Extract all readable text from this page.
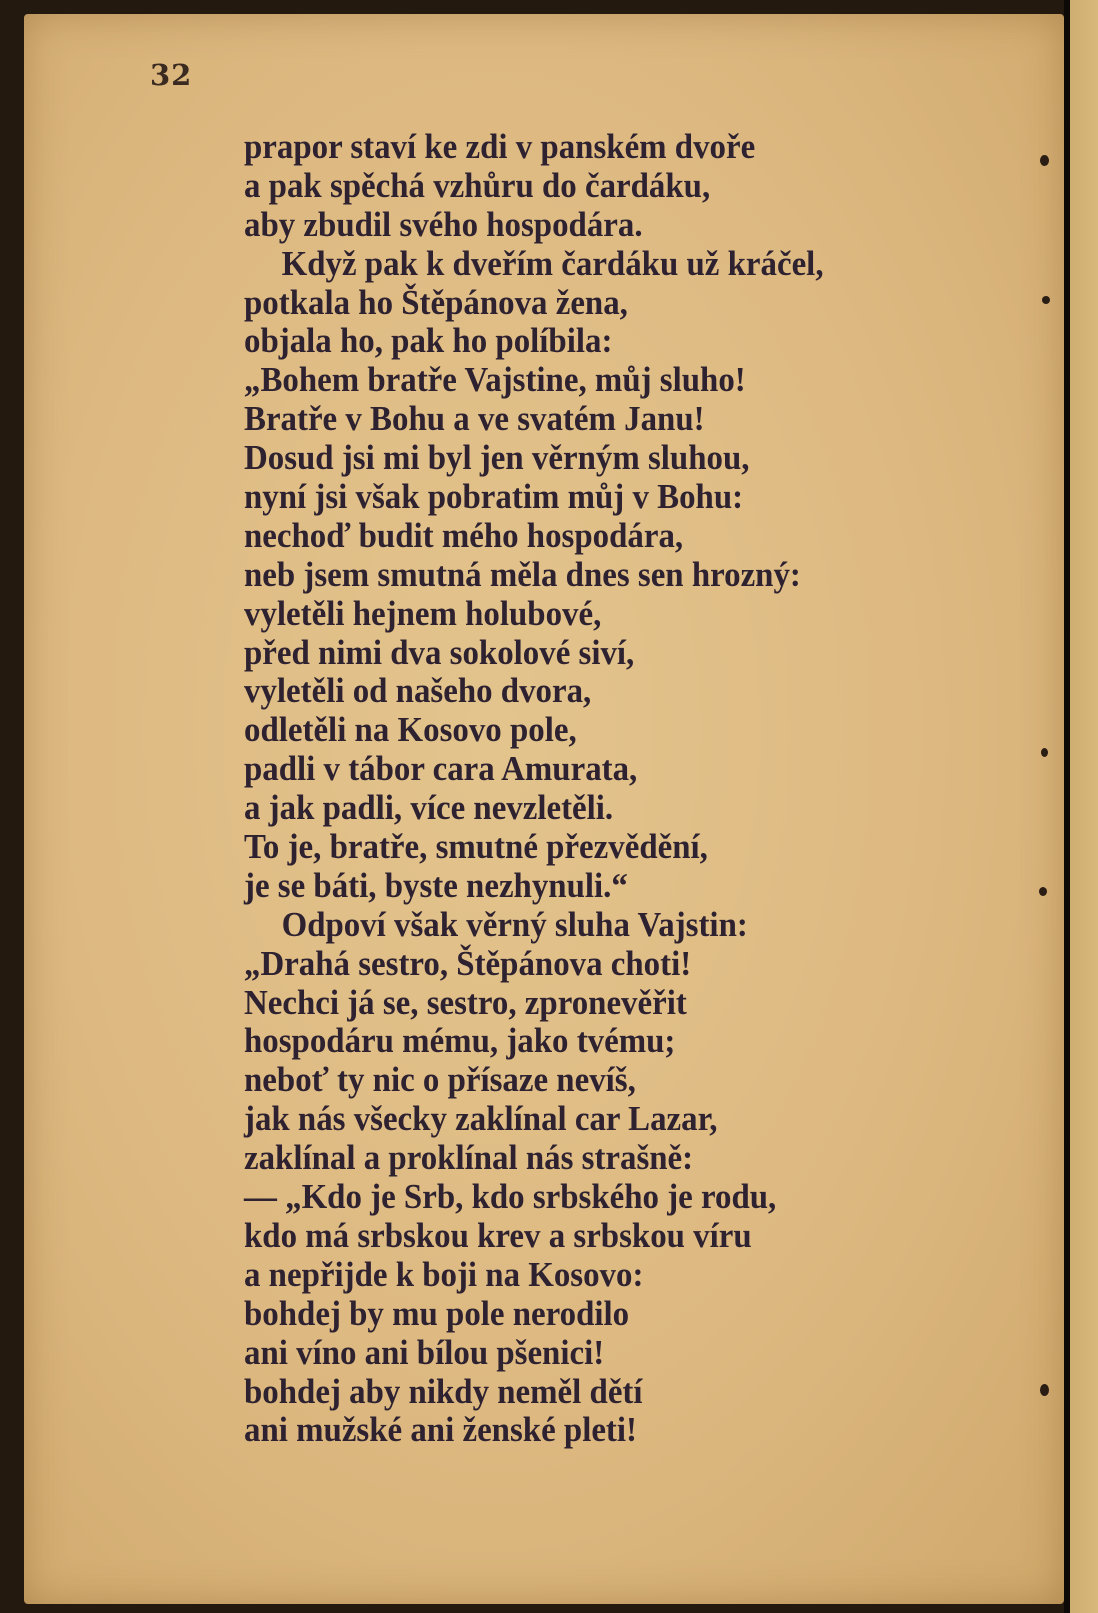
32
prapor staví ke zdi v panském dvoře
a pak spěchá vzhůru do čardáku,
aby zbudil svého hospodára.
Když pak k dveřím čardáku už kráčel,
potkala ho Štěpánova žena,
objala ho, pak ho políbila:
„Bohem bratře Vajstine, můj sluho!
Bratře v Bohu a ve svatém Janu!
Dosud jsi mi byl jen věrným sluhou,
nyní jsi však pobratim můj v Bohu:
nechoď budit mého hospodára,
neb jsem smutná měla dnes sen hrozný:
vyletěli hejnem holubové,
před nimi dva sokolové siví,
vyletěli od našeho dvora,
odletěli na Kosovo pole,
padli v tábor cara Amurata,
a jak padli, více nevzletěli.
To je, bratře, smutné přezvědění,
je se báti, byste nezhynuli.“
Odpoví však věrný sluha Vajstin:
„Drahá sestro, Štěpánova choti!
Nechci já se, sestro, zpronevěřit
hospodáru mému, jako tvému;
neboť ty nic o přísaze nevíš,
jak nás všecky zaklínal car Lazar,
zaklínal a proklínal nás strašně:
— „Kdo je Srb, kdo srbského je rodu,
kdo má srbskou krev a srbskou víru
a nepřijde k boji na Kosovo:
bohdej by mu pole nerodilo
ani víno ani bílou pšenici!
bohdej aby nikdy neměl dětí
ani mužské ani ženské pleti!
